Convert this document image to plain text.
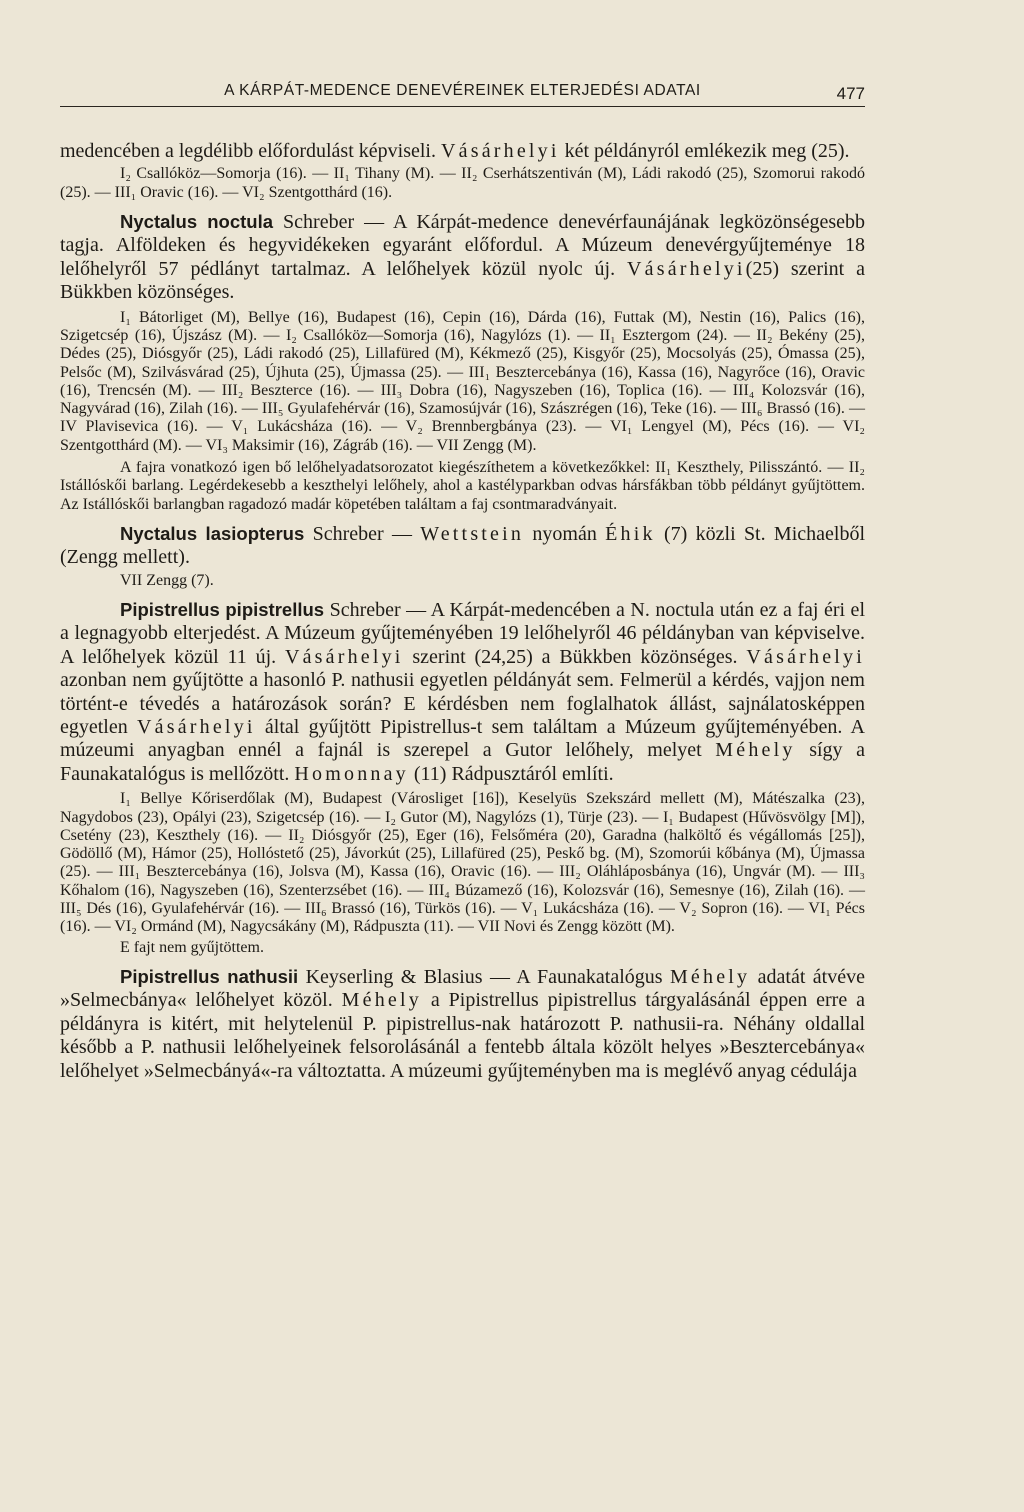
A KÁRPÁT-MEDENCE DENEVÉREINEK ELTERJEDÉSI ADATAI	477

medencében a legdélibb előfordulást képviseli. Vásárhelyi két példányról emlékezik meg (25).

I₂ Csallóköz—Somorja (16). — II₁ Tihany (M). — II₂ Cserhátszentiván (M), Ládi rakodó (25), Szomorui rakodó (25). — III₁ Oravic (16). — VI₂ Szentgotthárd (16).

Nyctalus noctula Schreber — A Kárpát-medence denevérfaunájának legközönségesebb tagja. Alföldeken és hegyvidékeken egyaránt előfordul. A Múzeum denevérgyűjteménye 18 lelőhelyről 57 pédlányt tartalmaz. A lelőhelyek közül nyolc új. Vásárhelyi(25) szerint a Bükkben közönséges.

I₁ Bátorliget (M), Bellye (16), Budapest (16), Cepin (16), Dárda (16), Futtak (M), Nestin (16), Palics (16), Szigetcsép (16), Újszász (M). — I₂ Csallóköz—Somorja (16), Nagylózs (1). — II₁ Esztergom (24). — II₂ Bekény (25), Dédes (25), Diósgyőr (25), Ládi rakodó (25), Lillafüred (M), Kékmező (25), Kisgyőr (25), Mocsolyás (25), Ómassa (25), Pelsőc (M), Szilvásvárad (25), Újhuta (25), Újmassa (25). — III₁ Besztercebánya (16), Kassa (16), Nagyrőce (16), Oravic (16), Trencsén (M). — III₂ Beszterce (16). — III₃ Dobra (16), Nagyszeben (16), Toplica (16). — III₄ Kolozsvár (16), Nagyvárad (16), Zilah (16). — III₅ Gyulafehérvár (16), Szamosújvár (16), Szászrégen (16), Teke (16). — III₆ Brassó (16). — IV Plavisevica (16). — V₁ Lukácsháza (16). — V₂ Brennbergbánya (23). — VI₁ Lengyel (M), Pécs (16). — VI₂ Szentgotthárd (M). — VI₃ Maksimir (16), Zágráb (16). — VII Zengg (M).

A fajra vonatkozó igen bő lelőhelyadatsorozatot kiegészíthetem a következőkkel: II₁ Keszthely, Pilisszántó. — II₂ Istállóskői barlang. Legérdekesebb a keszthelyi lelőhely, ahol a kastélyparkban odvas hársfákban több példányt gyűjtöttem. Az Istállóskői barlangban ragadozó madár köpetében találtam a faj csontmaradványait.

Nyctalus lasiopterus Schreber — Wettstein nyomán Éhik (7) közli St. Michaelből (Zengg mellett).

VII Zengg (7).

Pipistrellus pipistrellus Schreber — A Kárpát-medencében a N. noctula után ez a faj éri el a legnagyobb elterjedést. A Múzeum gyűjteményében 19 lelőhelyről 46 példányban van képviselve. A lelőhelyek közül 11 új. Vásárhelyi szerint (24,25) a Bükkben közönséges. Vásárhelyi azonban nem gyűjtötte a hasonló P. nathusii egyetlen példányát sem. Felmerül a kérdés, vajjon nem történt-e tévedés a határozások során? E kérdésben nem foglalhatok állást, sajnálatosképpen egyetlen Vásárhelyi által gyűjtött Pipistrellus-t sem találtam a Múzeum gyűjteményében. A múzeumi anyagban ennél a fajnál is szerepel a Gutor lelőhely, melyet Méhely sígy a Faunakatalógus is mellőzött. Homonnay (11) Rádpusztáról említi.

I₁ Bellye Kőriserdőlak (M), Budapest (Városliget [16]), Keselyüs Szekszárd mellett (M), Mátészalka (23), Nagydobos (23), Opályi (23), Szigetcsép (16). — I₂ Gutor (M), Nagylózs (1), Türje (23). — I₁ Budapest (Hűvösvölgy [M]), Csetény (23), Keszthely (16). — II₂ Diósgyőr (25), Eger (16), Felsőméra (20), Garadna (halköltő és végállomás [25]), Gödöllő (M), Hámor (25), Hollóstető (25), Jávorkút (25), Lillafüred (25), Peskő bg. (M), Szomorúi kőbánya (M), Újmassa (25). — III₁ Besztercebánya (16), Jolsva (M), Kassa (16), Oravic (16). — III₂ Oláhláposbánya (16), Ungvár (M). — III₃ Kőhalom (16), Nagyszeben (16), Szenterzsébet (16). — III₄ Búzamező (16), Kolozsvár (16), Semesnye (16), Zilah (16). — III₅ Dés (16), Gyulafehérvár (16). — III₆ Brassó (16), Türkös (16). — V₁ Lukácsháza (16). — V₂ Sopron (16). — VI₁ Pécs (16). — VI₂ Ormánd (M), Nagycsákány (M), Rádpuszta (11). — VII Novi és Zengg között (M).

E fajt nem gyűjtöttem.

Pipistrellus nathusii Keyserling & Blasius — A Faunakatalógus Méhely adatát átvéve »Selmecbánya« lelőhelyet közöl. Méhely a Pipistrellus pipistrellus tárgyalásánál éppen erre a példányra is kitért, mit helytelenül P. pipistrellus-nak határozott P. nathusii-ra. Néhány oldallal később a P. nathusii lelőhelyeinek felsorolásánál a fentebb általa közölt helyes »Besztercebánya« lelőhelyet »Selmecbányá«-ra változtatta. A múzeumi gyűjteményben ma is meglévő anyag cédulája
